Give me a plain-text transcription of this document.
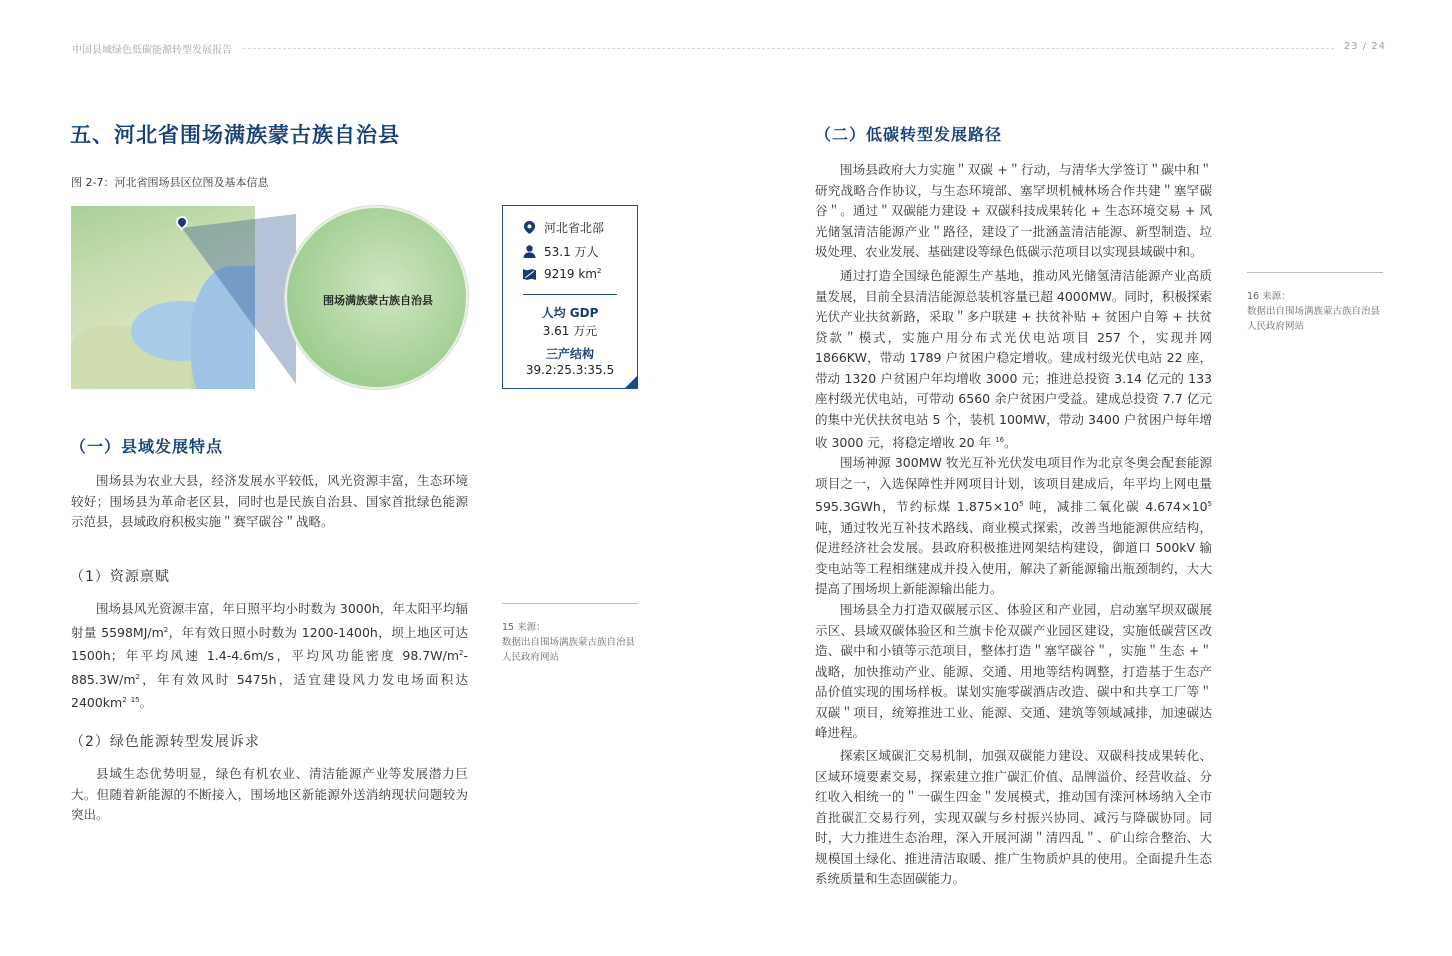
中国县域绿色低碳能源转型发展报告	23 / 24
五、河北省围场满族蒙古族自治县
图 2-7：河北省围场县区位图及基本信息
围场满族蒙古族自治县
河北省北部
53.1 万人
9219 $km^2$
人均 GDP
3.61 万元
三产结构
39.2:25.3:35.5
（一）县域发展特点
围场县为农业大县，经济发展水平较低，风光资源丰富，生态环境较好；围场县为革命老区县，同时也是民族自治县、国家首批绿色能源示范县，县域政府积极实施＂赛罕碳谷＂战略。
（1）资源禀赋
围场县风光资源丰富，年日照平均小时数为 3000h，年太阳平均辐射量 $5598MJ/m^2$，年有效日照小时数为 1200-1400h，坝上地区可达 1500h；年平均风速 1.4-4.6m/s，平均风功能密度 $98.7W/m^2-885.3W/m^2$，年有效风时 5475h，适宜建设风力发电场面积达 $2400km^2$ $^{15}$。
（2）绿色能源转型发展诉求
县域生态优势明显，绿色有机农业、清洁能源产业等发展潜力巨大。但随着新能源的不断接入，围场地区新能源外送消纳现状问题较为突出。
15 来源：
数据出自围场满族蒙古族自治县人民政府网站
（二）低碳转型发展路径
围场县政府大力实施＂双碳 +＂行动，与清华大学签订＂碳中和＂研究战略合作协议，与生态环境部、塞罕坝机械林场合作共建＂塞罕碳谷＂。通过＂双碳能力建设 + 双碳科技成果转化 + 生态环境交易 + 风光储氢清洁能源产业＂路径，建设了一批涵盖清洁能源、新型制造、垃圾处理、农业发展、基础建设等绿色低碳示范项目以实现县域碳中和。
通过打造全国绿色能源生产基地，推动风光储氢清洁能源产业高质量发展，目前全县清洁能源总装机容量已超 4000MW。同时，积极探索光伏产业扶贫新路，采取＂多户联建 + 扶贫补贴 + 贫困户自筹 + 扶贫贷款＂模式，实施户用分布式光伏电站项目 257 个，实现并网 1866KW，带动 1789 户贫困户稳定增收。建成村级光伏电站 22 座，带动 1320 户贫困户年均增收 3000 元；推进总投资 3.14 亿元的 133 座村级光伏电站，可带动 6560 余户贫困户受益。建成总投资 7.7 亿元的集中光伏扶贫电站 5 个，装机 100MW，带动 3400 户贫困户每年增收 3000 元，将稳定增收 20 年 $^{16}$。
围场神源 300MW 牧光互补光伏发电项目作为北京冬奥会配套能源项目之一，入选保障性并网项目计划，该项目建成后，年平均上网电量 595.3GWh，节约标煤 $1.875\times 10^5$ 吨，减排二氧化碳 $4.674\times 10^5$ 吨，通过牧光互补技术路线、商业模式探索，改善当地能源供应结构，促进经济社会发展。县政府积极推进网架结构建设，御道口 500kV 输变电站等工程相继建成并投入使用，解决了新能源输出瓶颈制约，大大提高了围场坝上新能源输出能力。
围场县全力打造双碳展示区、体验区和产业园，启动塞罕坝双碳展示区、县域双碳体验区和兰旗卡伦双碳产业园区建设，实施低碳营区改造、碳中和小镇等示范项目，整体打造＂塞罕碳谷＂，实施＂生态 +＂战略，加快推动产业、能源、交通、用地等结构调整，打造基于生态产品价值实现的围场样板。谋划实施零碳酒店改造、碳中和共享工厂等＂双碳＂项目，统筹推进工业、能源、交通、建筑等领域减排，加速碳达峰进程。
探索区域碳汇交易机制，加强双碳能力建设、双碳科技成果转化、区域环境要素交易，探索建立推广碳汇价值、品牌溢价、经营收益、分红收入相统一的＂一碳生四金＂发展模式，推动国有滦河林场纳入全市首批碳汇交易行列，实现双碳与乡村振兴协同、减污与降碳协同。同时，大力推进生态治理，深入开展河湖＂清四乱＂、矿山综合整治、大规模国土绿化、推进清洁取暖、推广生物质炉具的使用。全面提升生态系统质量和生态固碳能力。
16 来源：
数据出自围场满族蒙古族自治县人民政府网站
